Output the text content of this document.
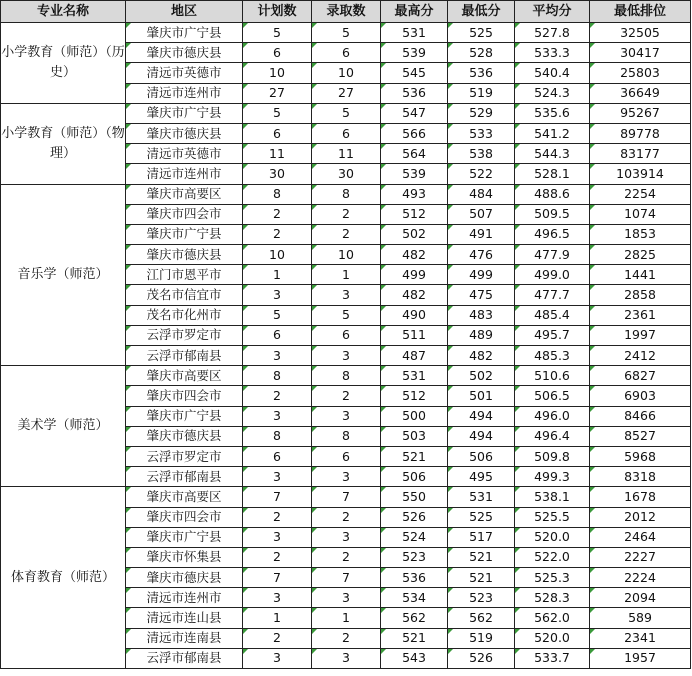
专业名称	地区	计划数	录取数	最高分	最低分	平均分	最低排位
小学教育（师范）（历史）	肇庆市广宁县	5	5	531	525	527.8	32505
	肇庆市德庆县	6	6	539	528	533.3	30417
	清远市英德市	10	10	545	536	540.4	25803
	清远市连州市	27	27	536	519	524.3	36649
小学教育（师范）（物理）	肇庆市广宁县	5	5	547	529	535.6	95267
	肇庆市德庆县	6	6	566	533	541.2	89778
	清远市英德市	11	11	564	538	544.3	83177
	清远市连州市	30	30	539	522	528.1	103914
音乐学（师范）	肇庆市高要区	8	8	493	484	488.6	2254
	肇庆市四会市	2	2	512	507	509.5	1074
	肇庆市广宁县	2	2	502	491	496.5	1853
	肇庆市德庆县	10	10	482	476	477.9	2825
	江门市恩平市	1	1	499	499	499.0	1441
	茂名市信宜市	3	3	482	475	477.7	2858
	茂名市化州市	5	5	490	483	485.4	2361
	云浮市罗定市	6	6	511	489	495.7	1997
	云浮市郁南县	3	3	487	482	485.3	2412
美术学（师范）	肇庆市高要区	8	8	531	502	510.6	6827
	肇庆市四会市	2	2	512	501	506.5	6903
	肇庆市广宁县	3	3	500	494	496.0	8466
	肇庆市德庆县	8	8	503	494	496.4	8527
	云浮市罗定市	6	6	521	506	509.8	5968
	云浮市郁南县	3	3	506	495	499.3	8318
体育教育（师范）	肇庆市高要区	7	7	550	531	538.1	1678
	肇庆市四会市	2	2	526	525	525.5	2012
	肇庆市广宁县	3	3	524	517	520.0	2464
	肇庆市怀集县	2	2	523	521	522.0	2227
	肇庆市德庆县	7	7	536	521	525.3	2224
	清远市连州市	3	3	534	523	528.3	2094
	清远市连山县	1	1	562	562	562.0	589
	清远市连南县	2	2	521	519	520.0	2341
	云浮市郁南县	3	3	543	526	533.7	1957
